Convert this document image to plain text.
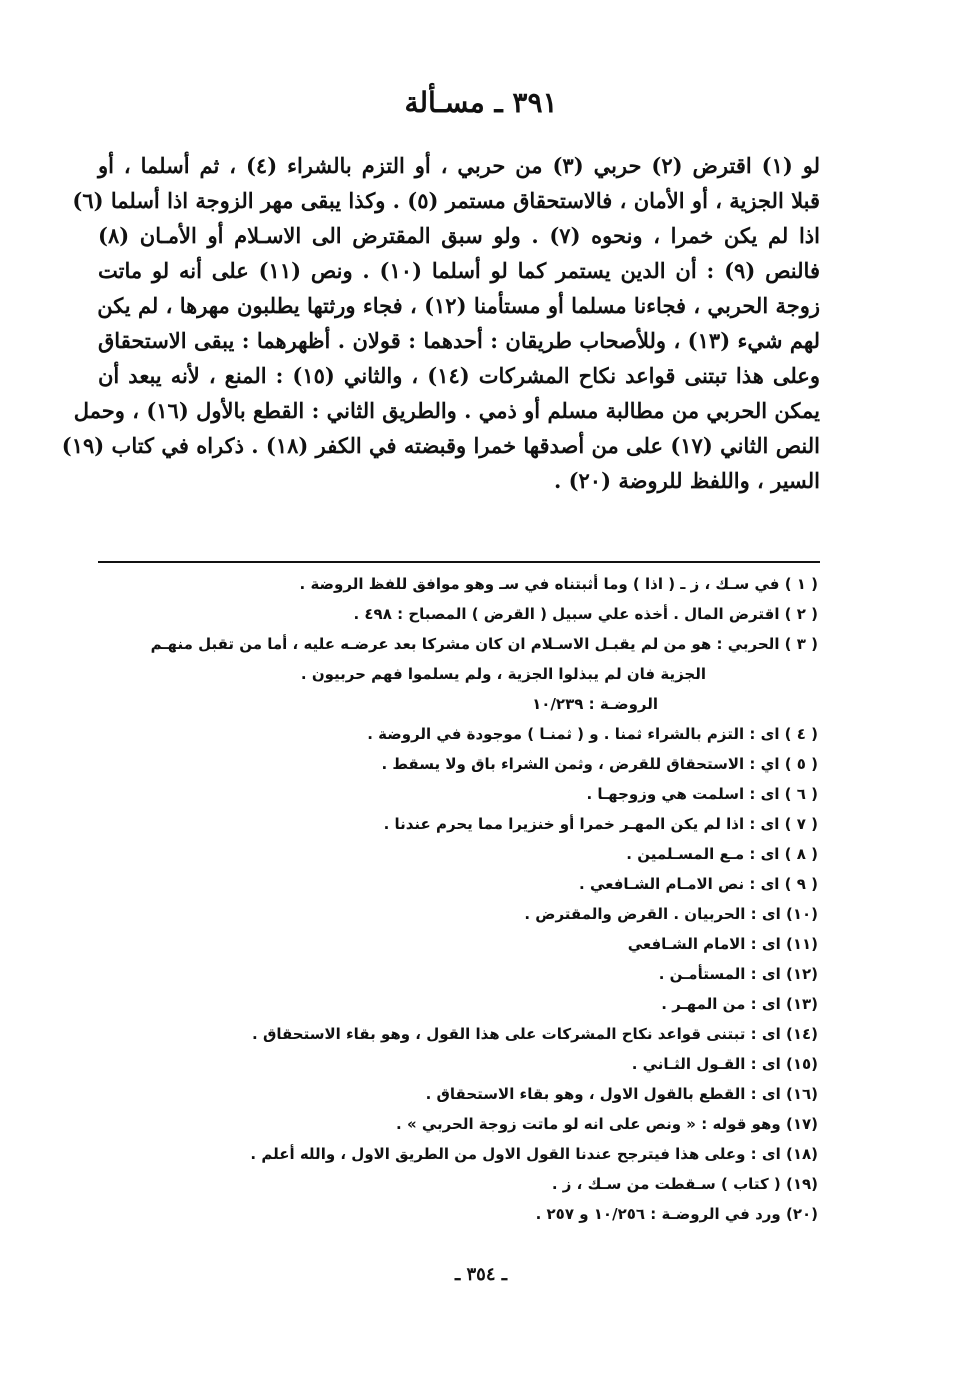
٣٩١ ـ مسـألة
لو (١) اقترض (٢) حربي (٣) من حربي ، أو التزم بالشراء (٤) ، ثم أسلما ، أو
قبلا الجزية ، أو الأمان ، فالاستحقاق مستمر (٥) . وكذا يبقى مهر الزوجة اذا أسلما (٦)
اذا لم يكن خمرا ، ونحوه (٧) . ولو سبق المقترض الى الاسـلام أو الأمـان (٨)
فالنص (٩) : أن الدين يستمر كما لو أسلما (١٠) . ونص (١١) على أنه لو ماتت
زوجة الحربي ، فجاءنا مسلما أو مستأمنا (١٢) ، فجاء ورثتها يطلبون مهرها ، لم يكن
لهم شيء (١٣) ، وللأصحاب طريقان : أحدهما : قولان . أظهرهما : يبقى الاستحقاق
وعلى هذا تبتنى قواعد نكاح المشركات (١٤) ، والثاني (١٥) : المنع ، لأنه يبعد أن
يمكن الحربي من مطالبة مسلم أو ذمي . والطريق الثاني : القطع بالأول (١٦) ، وحمل
النص الثاني (١٧) على من أصدقها خمرا وقبضته في الكفر (١٨) . ذكراه في كتاب (١٩)
السير ، واللفظ للروضة (٢٠) .
( ١ ) في سـك ، ز ـ ( اذا ) وما أثبتناه في سـ وهو موافق للفظ الروضة .
( ٢ ) اقترض المال . أخذه علي سبيل ( القرض ) المصباح : ٤٩٨ .
( ٣ ) الحربي : هو من لم يقبـل الاسـلام ان كان مشركا بعد عرضـه عليه ، أما من تقبل منهـم
الجزية فان لم يبذلوا الجزية ، ولم يسلموا فهم حربيون .
الروضـة : ١٠/٢٣٩
( ٤ ) اى : التزم بالشراء ثمنا . و ( ثمنـا ) موجودة في الروضة .
( ٥ ) اي : الاستحقاق للقرض ، وثمن الشراء باق ولا يسقط .
( ٦ ) اى : اسلمت هي وزوجهـا .
( ٧ ) اى : اذا لم يكن المهـر خمرا أو خنزيرا مما يحرم عندنا .
( ٨ ) اى : مـع المسـلمين .
( ٩ ) اى : نص الامـام الشـافعي .
(١٠) اى : الحربيان . القرض والمقترض .
(١١) اى : الامام الشـافعي
(١٢) اى : المستأمـن .
(١٣) اى : من المهـر .
(١٤) اى : تبتنى قواعد نكاح المشركات على هذا القول ، وهو بقاء الاستحقاق .
(١٥) اى : القـول الثـاني .
(١٦) اى : القطع بالقول الاول ، وهو بقاء الاستحقاق .
(١٧) وهو قوله : « ونص على انه لو ماتت زوجة الحربي » .
(١٨) اى : وعلى هذا فيترجح عندنا القول الاول من الطريق الاول ، والله أعلم .
(١٩) ( كتاب ) سـقطت من سـك ، ز .
(٢٠) ورد في الروضـة : ١٠/٢٥٦ و ٢٥٧ .
ـ ٣٥٤ ـ
